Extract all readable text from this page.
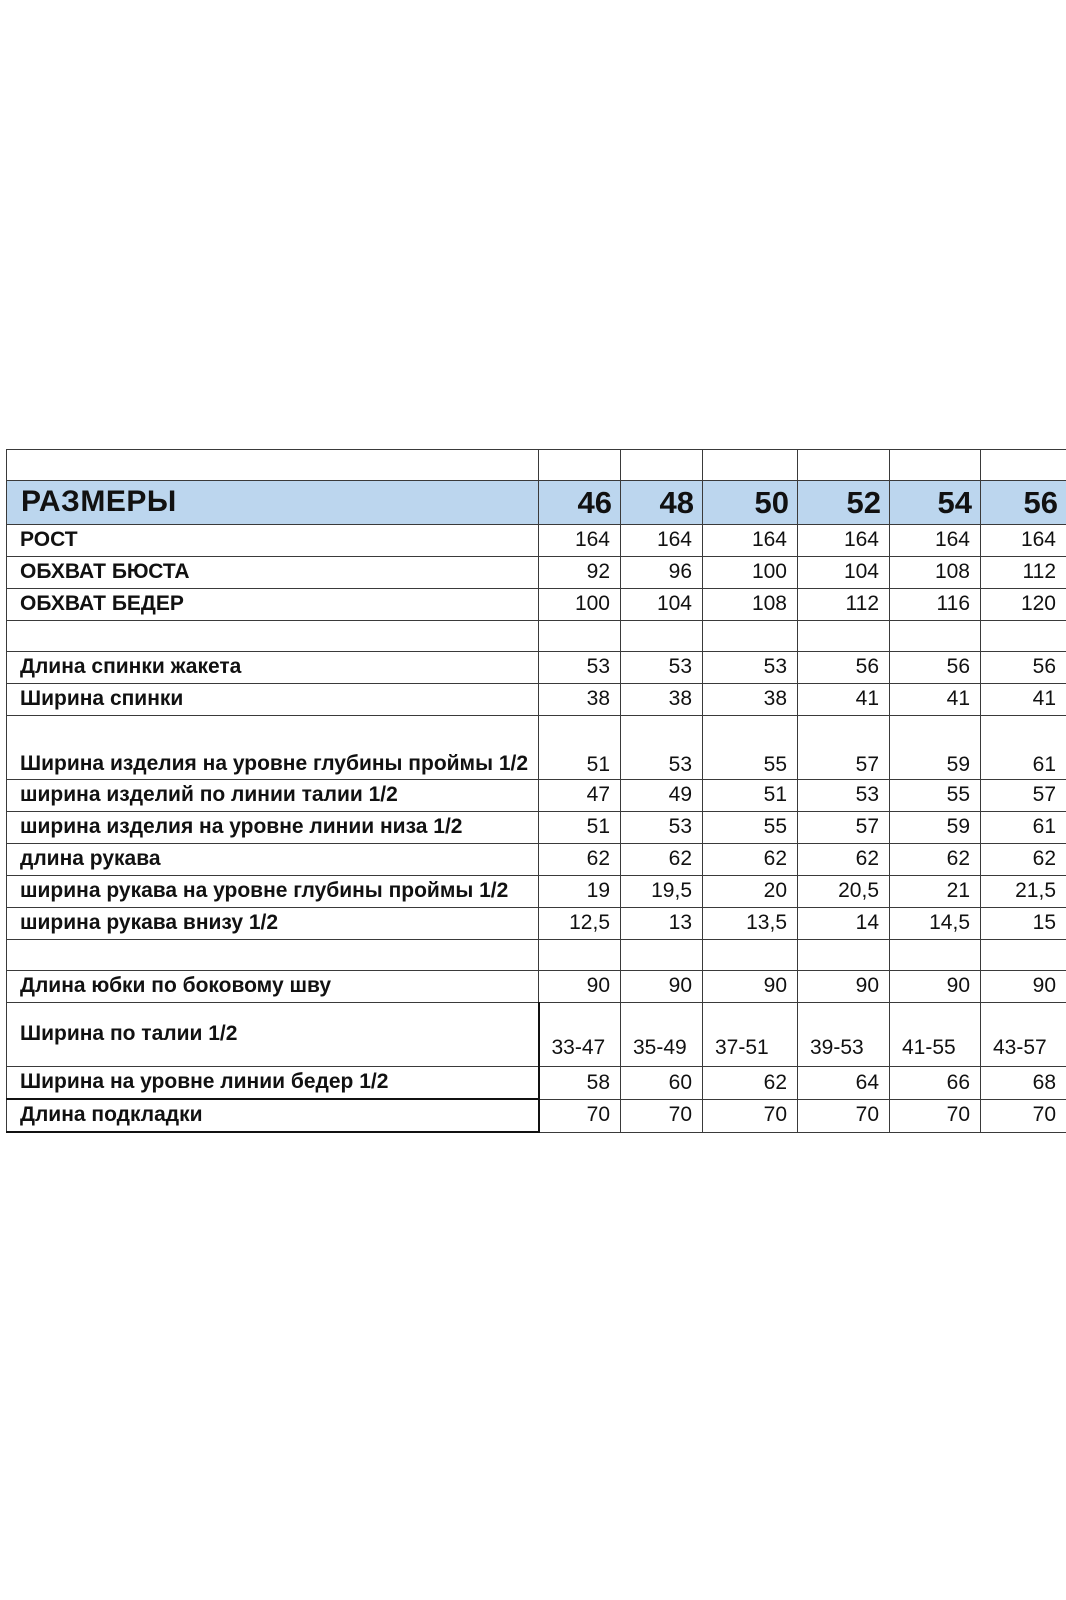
РАЗМЕРЫ	46	48	50	52	54	56
РОСТ	164	164	164	164	164	164
ОБХВАТ БЮСТА	92	96	100	104	108	112
ОБХВАТ БЕДЕР	100	104	108	112	116	120

Длина спинки жакета	53	53	53	56	56	56
Ширина спинки	38	38	38	41	41	41
Ширина изделия на уровне глубины проймы 1/2	51	53	55	57	59	61
ширина изделий по линии талии 1/2	47	49	51	53	55	57
ширина изделия на уровне линии низа 1/2	51	53	55	57	59	61
длина рукава	62	62	62	62	62	62
ширина рукава на уровне глубины проймы 1/2	19	19,5	20	20,5	21	21,5
ширина рукава внизу 1/2	12,5	13	13,5	14	14,5	15

Длина юбки по боковому шву	90	90	90	90	90	90
Ширина по талии 1/2	33-47	35-49	37-51	39-53	41-55	43-57
Ширина на уровне линии бедер 1/2	58	60	62	64	66	68
Длина подкладки	70	70	70	70	70	70
